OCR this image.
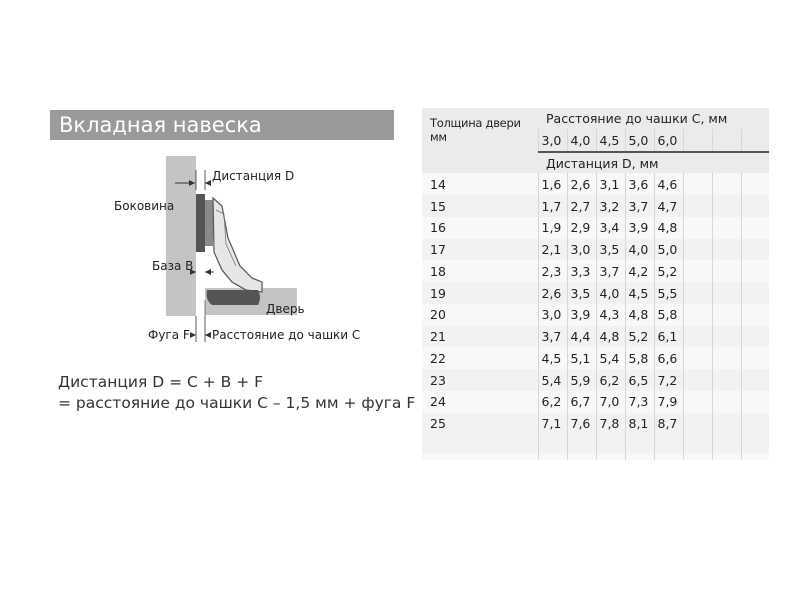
Вкладная навеска
Дистанция D
Боковина
База B
Дверь
Фуга F Расстояние до чашки C
Дистанция D = C + B + F
= расстояние до чашки C – 1,5 мм + фуга F
Толщина двери мм	Расстояние до чашки C, мм							
	3,0	4,0	4,5	5,0	6,0			
	Дистанция D, мм							
14	1,6	2,6	3,1	3,6	4,6			
15	1,7	2,7	3,2	3,7	4,7			
16	1,9	2,9	3,4	3,9	4,8			
17	2,1	3,0	3,5	4,0	5,0			
18	2,3	3,3	3,7	4,2	5,2			
19	2,6	3,5	4,0	4,5	5,5			
20	3,0	3,9	4,3	4,8	5,8			
21	3,7	4,4	4,8	5,2	6,1			
22	4,5	5,1	5,4	5,8	6,6			
23	5,4	5,9	6,2	6,5	7,2			
24	6,2	6,7	7,0	7,3	7,9			
25	7,1	7,6	7,8	8,1	8,7			
